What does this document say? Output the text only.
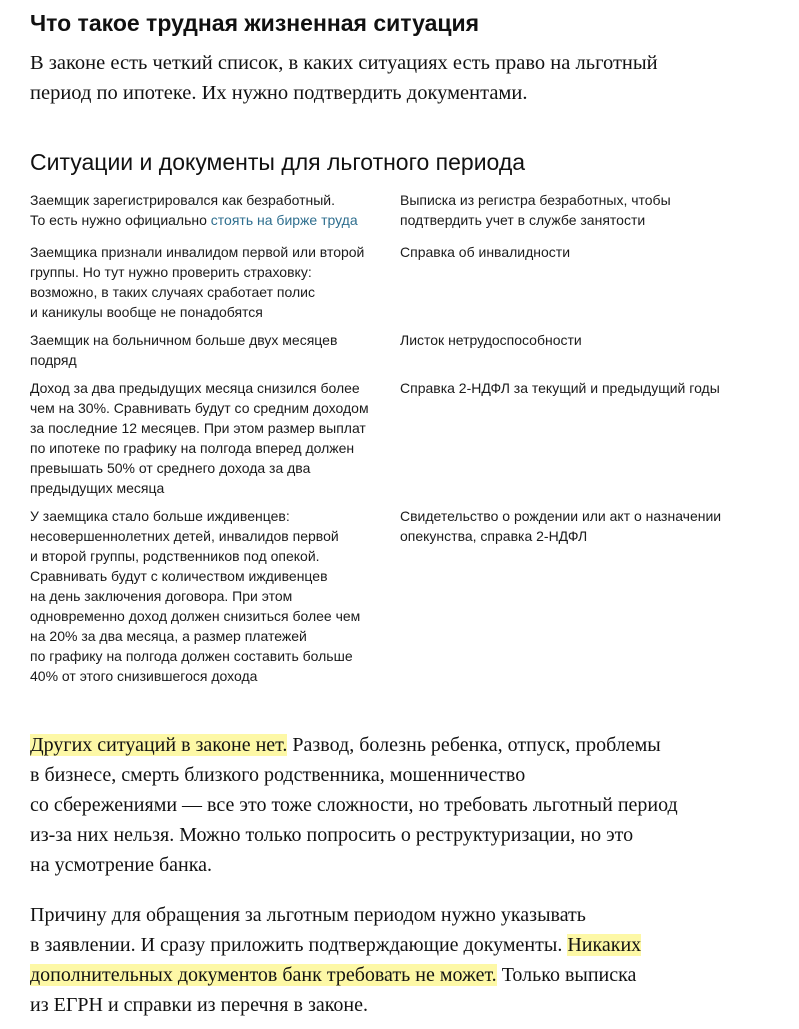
Что такое трудная жизненная ситуация

В законе есть четкий список, в каких ситуациях есть право на льготный
период по ипотеке. Их нужно подтвердить документами.

Ситуации и документы для льготного периода
Заемщик зарегистрировался как безработный.
То есть нужно официально стоять на бирже труда
Выписка из регистра безработных, чтобы
подтвердить учет в службе занятости
Заемщика признали инвалидом первой или второй
группы. Но тут нужно проверить страховку:
возможно, в таких случаях сработает полис
и каникулы вообще не понадобятся
Справка об инвалидности
Заемщик на больничном больше двух месяцев
подряд
Листок нетрудоспособности
Доход за два предыдущих месяца снизился более
чем на 30%. Сравнивать будут со средним доходом
за последние 12 месяцев. При этом размер выплат
по ипотеке по графику на полгода вперед должен
превышать 50% от среднего дохода за два
предыдущих месяца
Справка 2-НДФЛ за текущий и предыдущий годы
У заемщика стало больше иждивенцев:
несовершеннолетних детей, инвалидов первой
и второй группы, родственников под опекой.
Сравнивать будут с количеством иждивенцев
на день заключения договора. При этом
одновременно доход должен снизиться более чем
на 20% за два месяца, а размер платежей
по графику на полгода должен составить больше
40% от этого снизившегося дохода
Свидетельство о рождении или акт о назначении
опекунства, справка 2-НДФЛ

Других ситуаций в законе нет. Развод, болезнь ребенка, отпуск, проблемы
в бизнесе, смерть близкого родственника, мошенничество
со сбережениями — все это тоже сложности, но требовать льготный период
из-за них нельзя. Можно только попросить о реструктуризации, но это
на усмотрение банка.

Причину для обращения за льготным периодом нужно указывать
в заявлении. И сразу приложить подтверждающие документы. Никаких
дополнительных документов банк требовать не может. Только выписка
из ЕГРН и справки из перечня в законе.
